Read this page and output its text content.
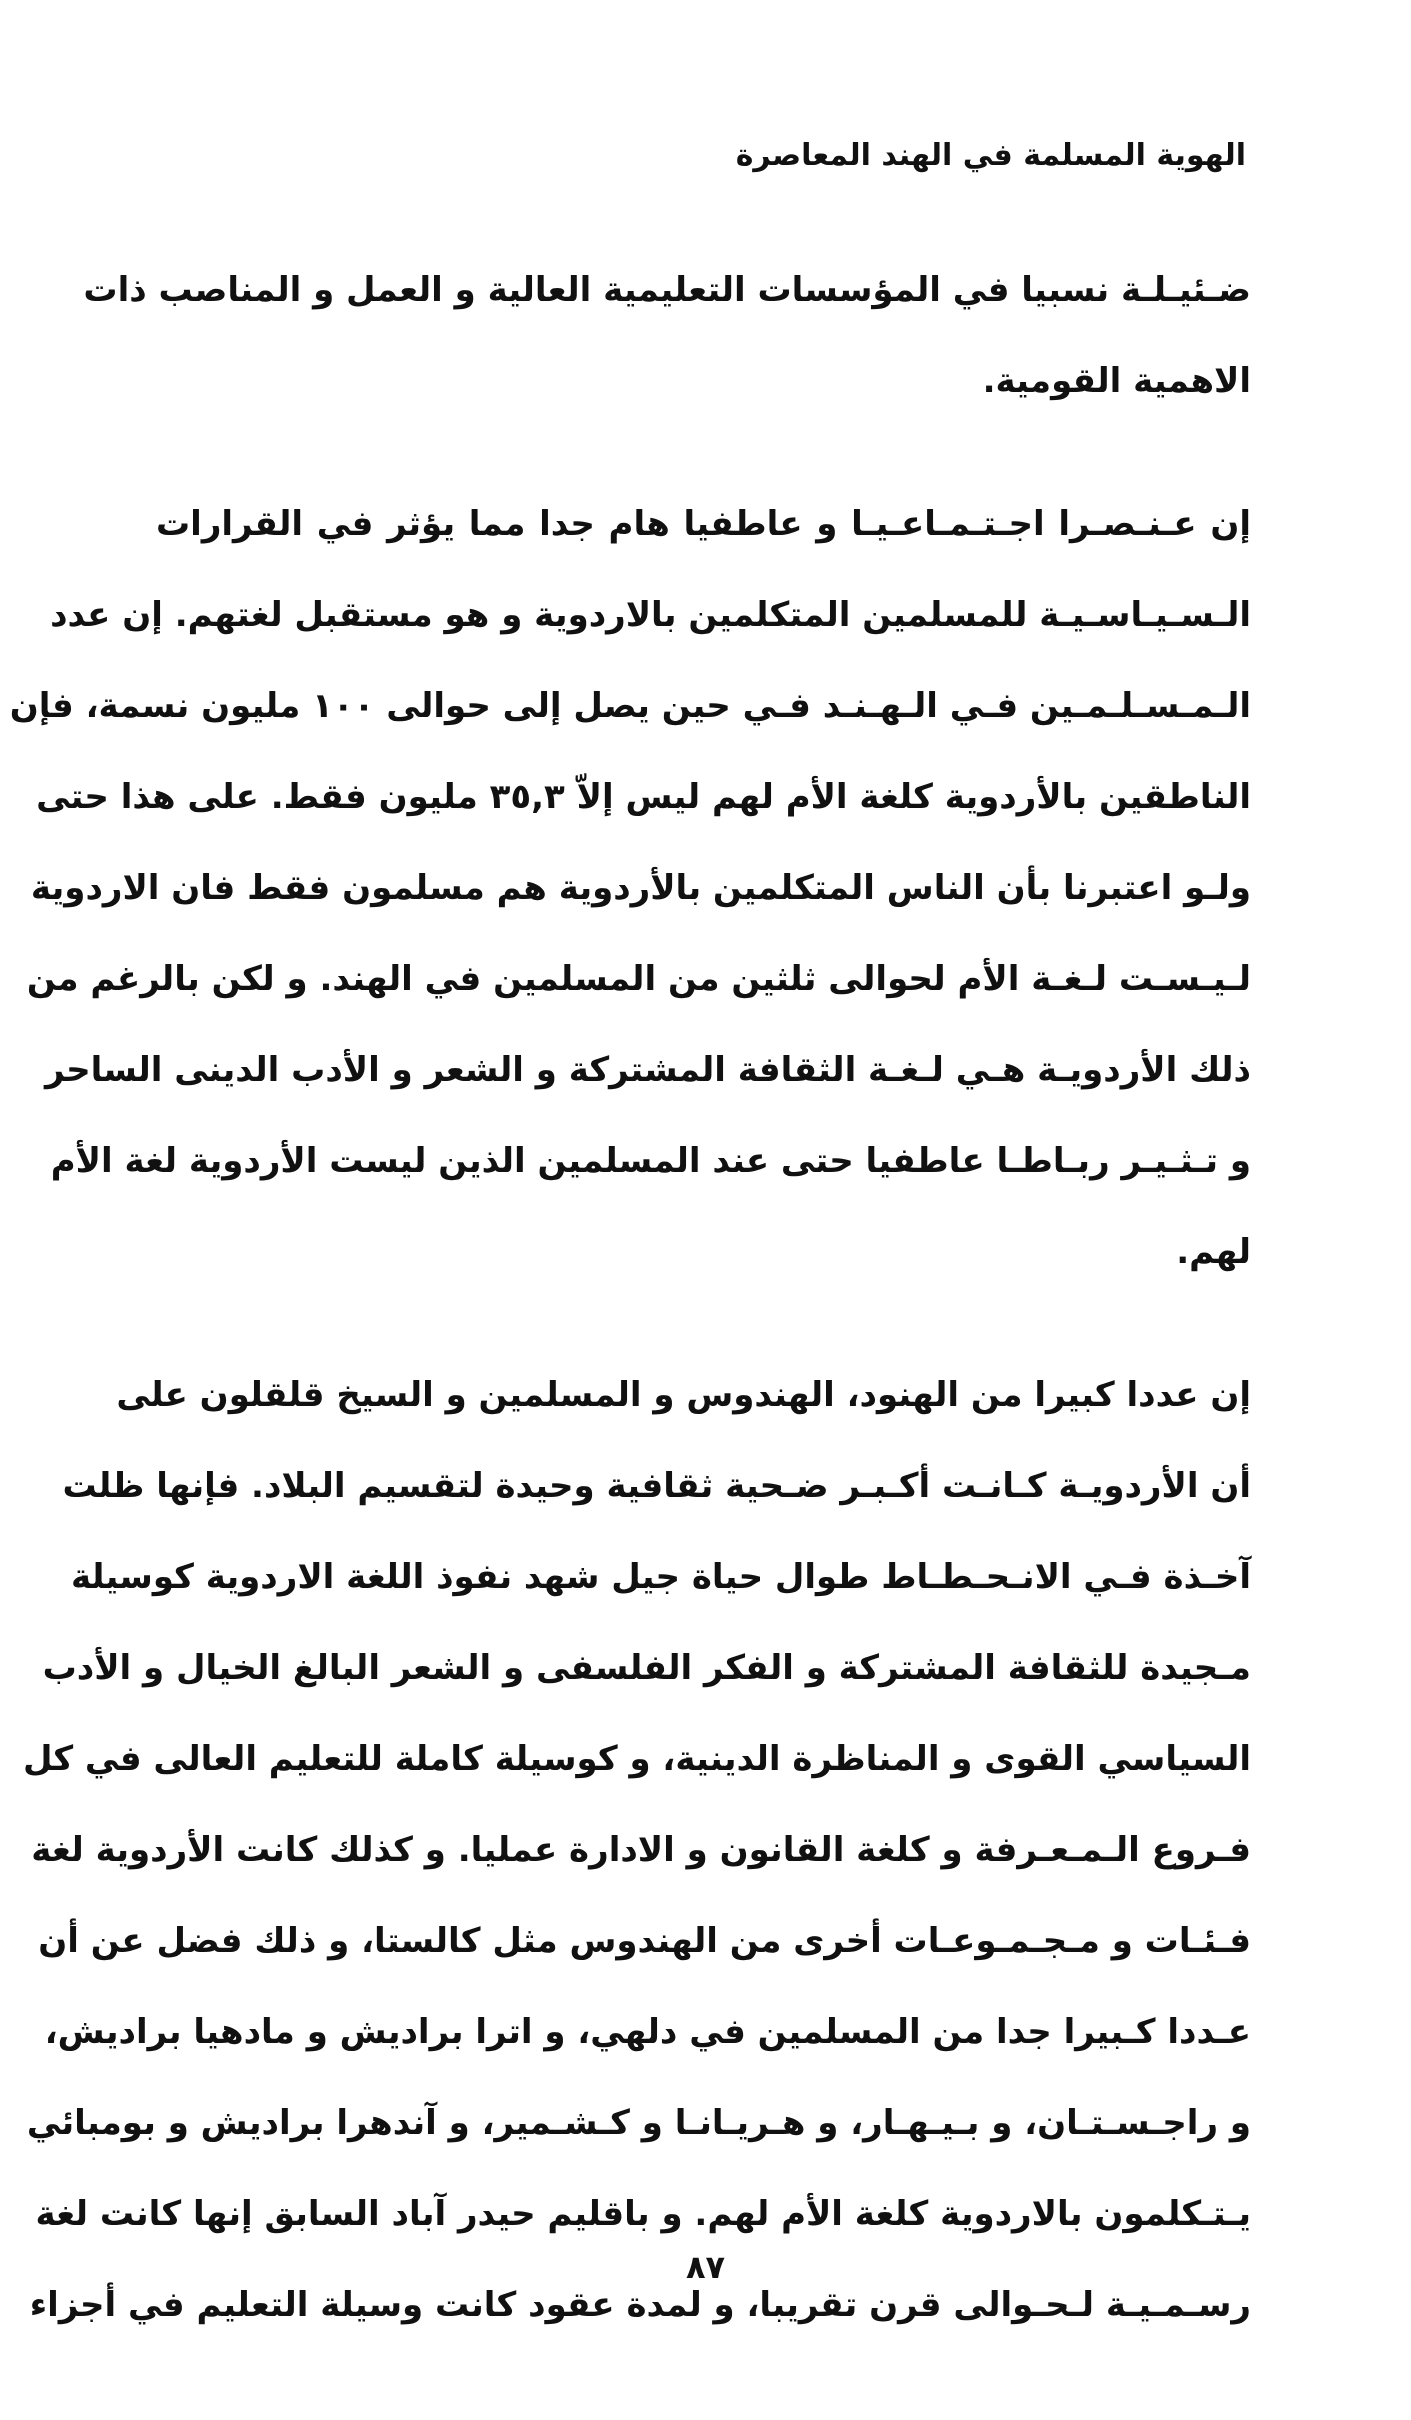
الهوية المسلمة في الهند المعاصرة
ضـئيـلـة نسبيا في المؤسسات التعليمية العالية و العمل و المناصب ذات
الاهمية القومية.
إن عـنـصـرا اجـتـمـاعـيـا و عاطفيا هام جدا مما يؤثر في القرارات
الـسـيـاسـيـة للمسلمين المتكلمين بالاردوية و هو مستقبل لغتهم. إن عدد
الـمـسـلـمـين فـي الـهـنـد فـي حين يصل إلى حوالى ١٠٠ مليون نسمة، فإن
الناطقين بالأردوية كلغة الأم لهم ليس إلاّ ٣٥,٣ مليون فقط. على هذا حتى
ولـو اعتبرنا بأن الناس المتكلمين بالأردوية هم مسلمون فقط فان الاردوية
لـيـسـت لـغـة الأم لحوالى ثلثين من المسلمين في الهند. و لكن بالرغم من
ذلك الأردويـة هـي لـغـة الثقافة المشتركة و الشعر و الأدب الدينى الساحر
و تـثـيـر ربـاطـا عاطفيا حتى عند المسلمين الذين ليست الأردوية لغة الأم
لهم.
إن عددا كبيرا من الهنود، الهندوس و المسلمين و السيخ قلقلون على
أن الأردويـة كـانـت أكـبـر ضـحية ثقافية وحيدة لتقسيم البلاد. فإنها ظلت
آخـذة فـي الانـحـطـاط طوال حياة جيل شهد نفوذ اللغة الاردوية كوسيلة
مـجيدة للثقافة المشتركة و الفكر الفلسفى و الشعر البالغ الخيال و الأدب
السياسي القوى و المناظرة الدينية، و كوسيلة كاملة للتعليم العالى في كل
فـروع الـمـعـرفة و كلغة القانون و الادارة عمليا. و كذلك كانت الأردوية لغة
فـئـات و مـجـمـوعـات أخرى من الهندوس مثل كالستا، و ذلك فضل عن أن
عـددا كـبيرا جدا من المسلمين في دلهي، و اترا براديش و مادهيا براديش،
و راجـسـتـان، و بـيـهـار، و هـريـانـا و كـشـمير، و آندهرا براديش و بومبائي
يـتـكلمون بالاردوية كلغة الأم لهم. و باقليم حيدر آباد السابق إنها كانت لغة
رسـمـيـة لـحـوالى قرن تقريبا، و لمدة عقود كانت وسيلة التعليم في أجزاء
٨٧
